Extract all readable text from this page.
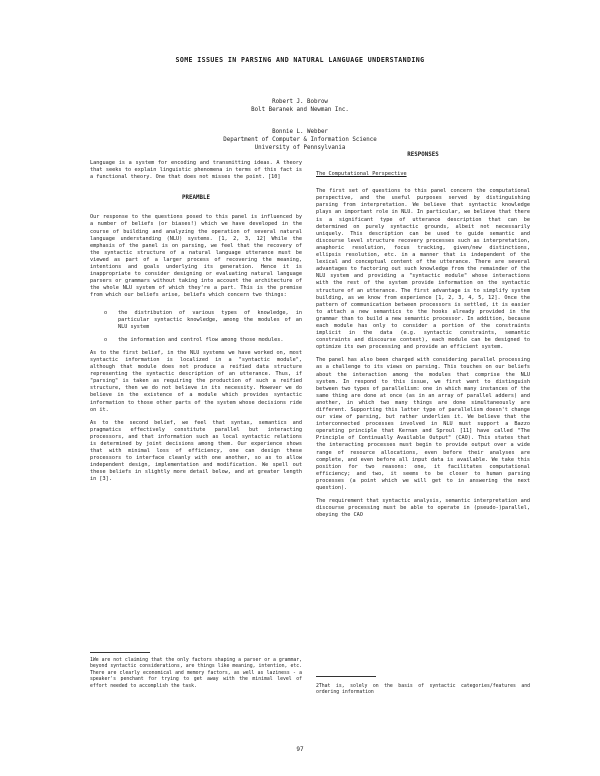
SOME ISSUES IN PARSING AND NATURAL LANGUAGE UNDERSTANDING
Robert J. Bobrow
Bolt Beranek and Newman Inc.
Bonnie L. Webber
Department of Computer & Information Science
University of Pennsylvania

Language is a system for encoding and transmitting ideas. A theory that seeks to explain linguistic phenomena in terms of this fact is a functional theory. One that does not misses the point. [10]

PREAMBLE

Our response to the questions posed to this panel is influenced by a number of beliefs (or biases!) which we have developed in the course of building and analyzing the operation of several natural language understanding (NLU) systems. [1, 2, 3, 12] While the emphasis of the panel is on parsing, we feel that the recovery of the syntactic structure of a natural language utterance must be viewed as part of a larger process of recovering the meaning, intentions and goals underlying its generation. Hence it is inappropriate to consider designing or evaluating natural language parsers or grammars without taking into account the architecture of the whole NLU system of which they're a part. This is the premise from which our beliefs arise, beliefs which concern two things:

o	the distribution of various types of knowledge, in particular syntactic knowledge, among the modules of an NLU system
o	the information and control flow among those modules.

As to the first belief, in the NLU systems we have worked on, most syntactic information is localized in a "syntactic module", although that module does not produce a reified data structure representing the syntactic description of an utterance. Thus, if "parsing" is taken as requiring the production of such a reified structure, then we do not believe in its necessity. However we do believe in the existence of a module which provides syntactic information to those other parts of the system whose decisions ride on it.

As to the second belief, we feel that syntax, semantics and pragmatics effectively constitute parallel but interacting processors, and that information such as local syntactic relations is determined by joint decisions among them. Our experience shows that with minimal loss of efficiency, one can design these processors to interface cleanly with one another, so as to allow independent design, implementation and modification. We spell out these beliefs in slightly more detail below, and at greater length in [3].

1We are not claiming that the only factors shaping a parser or a grammar, beyond syntactic considerations, are things like meaning, intention, etc. There are clearly economical and memory factors, as well as laziness - a speaker's penchant for trying to get away with the minimal level of effort needed to accomplish the task.

RESPONSES

The Computational Perspective

The first set of questions to this panel concern the computational perspective, and the useful purposes served by distinguishing parsing from interpretation. We believe that syntactic knowledge plays an important role in NLU. In particular, we believe that there is a significant type of utterance description that can be determined on purely syntactic grounds, albeit not necessarily uniquely. This description can be used to guide semantic and discourse level structure recovery processes such as interpretation, anaphoric resolution, focus tracking, given/new distinctions, ellipsis resolution, etc. in a manner that is independent of the lexical and conceptual content of the utterance. There are several advantages to factoring out such knowledge from the remainder of the NLU system and providing a "syntactic module" whose interactions with the rest of the system provide information on the syntactic structure of an utterance. The first advantage is to simplify system building, as we know from experience [1, 2, 3, 4, 5, 12]. Once the pattern of communication between processors is settled, it is easier to attach a new semantics to the hooks already provided in the grammar than to build a new semantic processor. In addition, because each module has only to consider a portion of the constraints implicit in the data (e.g. syntactic constraints, semantic constraints and discourse context), each module can be designed to optimize its own processing and provide an efficient system.

The panel has also been charged with considering parallel processing as a challenge to its views on parsing. This touches on our beliefs about the interaction among the modules that comprise the NLU system. In respond to this issue, we first want to distinguish between two types of parallelism: one in which many instances of the same thing are done at once (as in an array of parallel adders) and another, in which two many things are done simultaneously are different. Supporting this latter type of parallelism doesn't change our view of parsing, but rather underlies it. We believe that the interconnected processes involved in NLU must support a Bazzo operating principle that Kernan and Sproul [11] have called "The Principle of Continually Available Output" (CAO). This states that the interacting processes must begin to provide output over a wide range of resource allocations, even before their analyses are complete, and even before all input data is available. We take this position for two reasons: one, it facilitates computational efficiency; and two, it seems to be closer to human parsing processes (a point which we will get to in answering the next question).

The requirement that syntactic analysis, semantic interpretation and discourse processing must be able to operate in (pseudo-)parallel, obeying the CAO

2That is, solely on the basis of syntactic categories/features and ordering information
97
